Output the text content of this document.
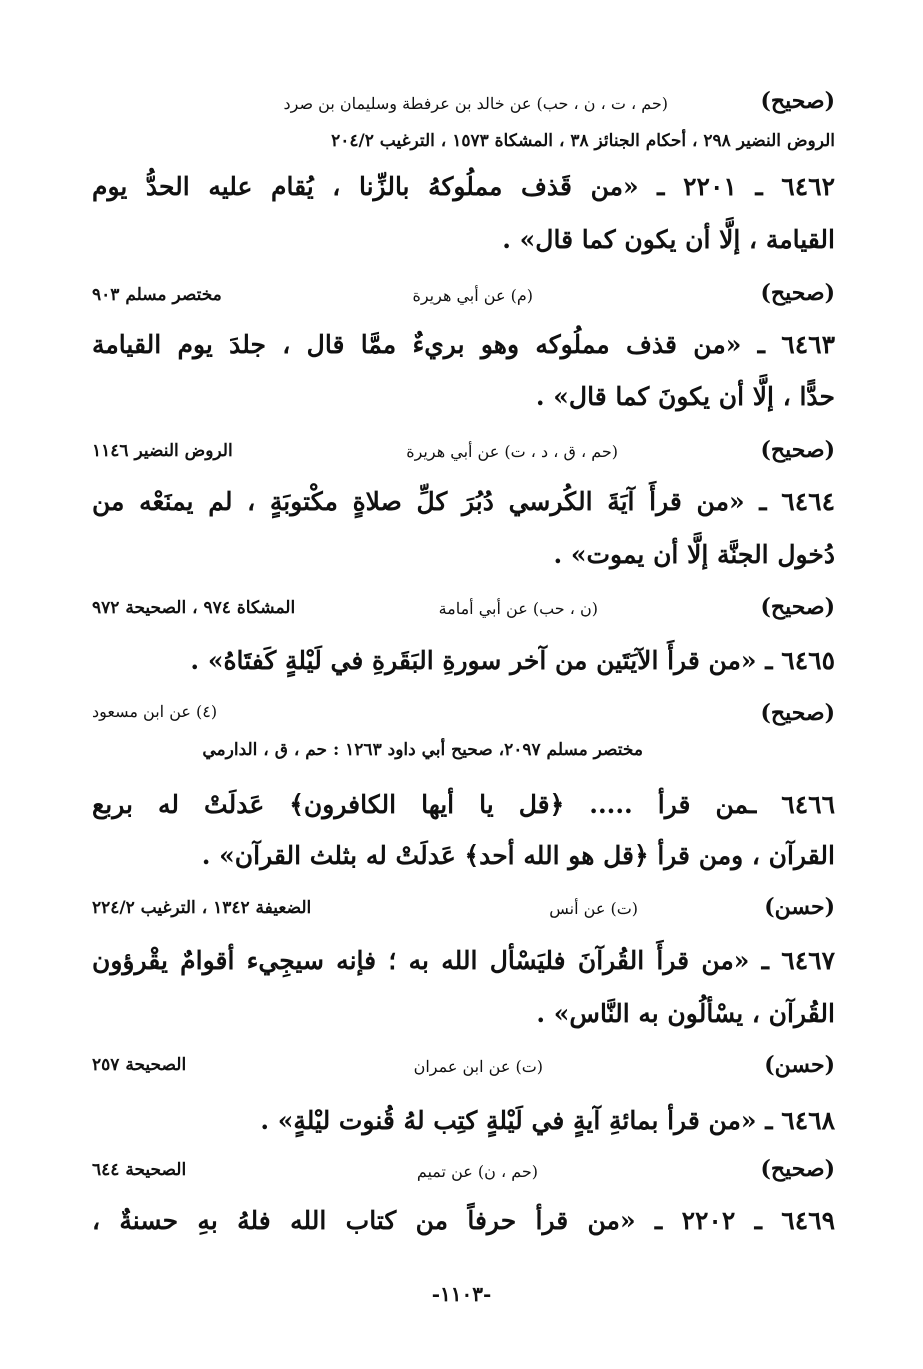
(صحيح)
(حم ، ت ، ن ، حب) عن خالد بن عرفطة وسليمان بن صرد
الروض النضير ٢٩٨ ، أحكام الجنائز ٣٨ ، المشكاة ١٥٧٣ ، الترغيب ٢٠٤/٢
٦٤٦٢ ـ ٢٢٠١ ـ «من قَذف مملُوكهُ بالزِّنا ، يُقام عليه الحدُّ يوم
القيامة ، إلَّا أن يكون كما قال» .
(صحيح)
(م) عن أبي هريرة
مختصر مسلم ٩٠٣
٦٤٦٣ ـ «من قذف مملُوكه وهو بريءٌ ممَّا قال ، جلدَ يوم القيامة
حدًّا ، إلَّا أن يكونَ كما قال» .
(صحيح)
(حم ، ق ، د ، ت) عن أبي هريرة
الروض النضير ١١٤٦
٦٤٦٤ ـ «من قرأَ آيَةَ الكُرسي دُبُرَ كلِّ صلاةٍ مكْتوبَةٍ ، لم يمنَعْه من
دُخول الجنَّة إلَّا أن يموت» .
(صحيح)
(ن ، حب) عن أبي أمامة
المشكاة ٩٧٤ ، الصحيحة ٩٧٢
٦٤٦٥ ـ «من قرأَ الآيَتَين من آخر سورةِ البَقَرةِ في لَيْلةٍ كَفتَاهُ» .
(صحيح)
(٤) عن ابن مسعود
مختصر مسلم ٢٠٩٧، صحيح أبي داود ١٢٦٣ : حم ، ق ، الدارمي
٦٤٦٦ ـمن قرأ ..... ﴿قل يا أيها الكافرون﴾ عَدلَتْ له بربع
القرآن ، ومن قرأ ﴿قل هو الله أحد﴾ عَدلَتْ له بثلث القرآن» .
(حسن)
(ت) عن أنس
الضعيفة ١٣٤٢ ، الترغيب ٢٢٤/٢
٦٤٦٧ ـ «من قرأَ القُرآنَ فليَسْأل الله به ؛ فإنه سيجِيء أقوامٌ يقْرؤون
القُرآن ، يسْألُون به النَّاس» .
(حسن)
(ت) عن ابن عمران
الصحيحة ٢٥٧
٦٤٦٨ ـ «من قرأ بمائةِ آيةٍ في لَيْلةٍ كتِب لهُ قُنوت ليْلةٍ» .
(صحيح)
(حم ، ن) عن تميم
الصحيحة ٦٤٤
٦٤٦٩ ـ ٢٢٠٢ ـ «من قرأ حرفاً من كتاب الله فلهُ بهِ حسنةٌ ،
-١١٠٣-
